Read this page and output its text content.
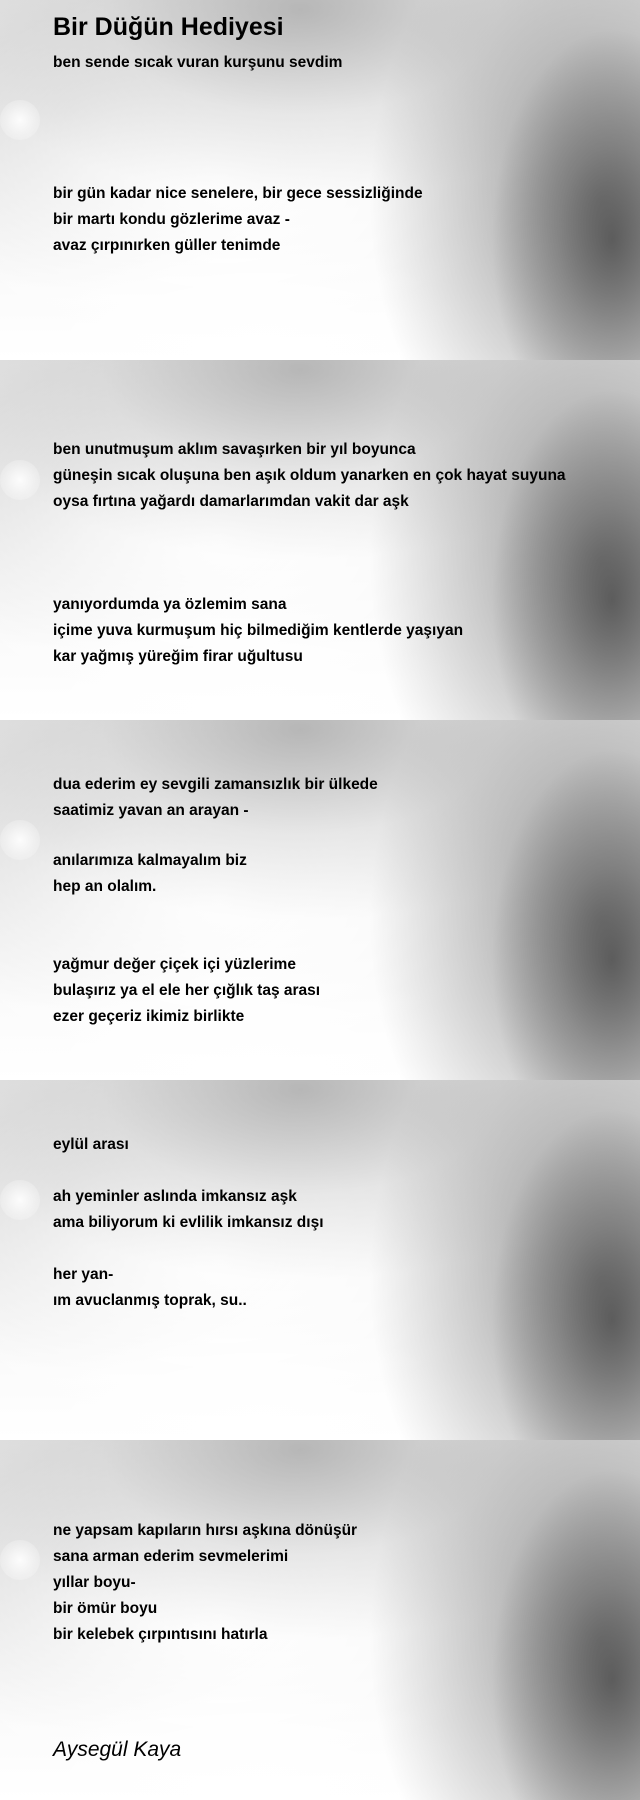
Bir Düğün Hediyesi
ben sende sıcak vuran kurşunu sevdim
bir gün kadar nice senelere, bir gece sessizliğinde
bir martı kondu gözlerime avaz -
avaz çırpınırken güller tenimde
ben unutmuşum aklım savaşırken bir yıl boyunca
güneşin sıcak oluşuna ben aşık oldum yanarken en çok hayat suyuna
oysa fırtına yağardı damarlarımdan vakit dar aşk
yanıyordumda ya özlemim sana
içime yuva kurmuşum hiç bilmediğim kentlerde yaşıyan
kar yağmış yüreğim firar uğultusu
dua ederim ey sevgili zamansızlık bir ülkede
saatimiz yavan an arayan -
anılarımıza kalmayalım biz
hep an olalım.
yağmur değer çiçek içi yüzlerime
bulaşırız ya el ele her çığlık taş arası
ezer geçeriz ikimiz birlikte
eylül arası
ah yeminler aslında imkansız aşk
ama biliyorum ki evlilik imkansız dışı
her yan-
ım avuclanmış toprak, su..
ne yapsam kapıların hırsı aşkına dönüşür
sana arman ederim sevmelerimi
yıllar boyu-
bir ömür boyu
bir kelebek çırpıntısını hatırla

Aysegül Kaya
